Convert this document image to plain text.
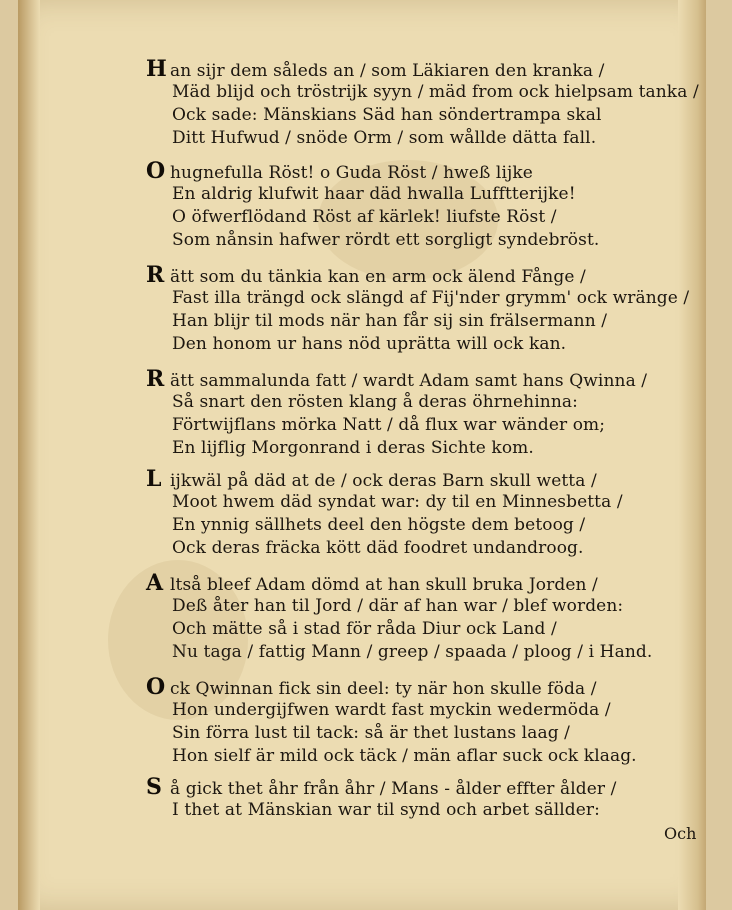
H an sijr dem såleds an / som Läkiaren den kranka /

Mäd blijd och tröstrijk syyn / mäd from ock hielpsam tanka /

Ock sade: Mänskians Säd han söndertrampa skal

Ditt Hufwud / snöde Orm / som wållde dätta fall.

O hugnefulla Röst! o Guda Röst / hweß lijke

En aldrig klufwit haar däd hwalla Lufftterijke!

O öfwerflödand Röst af kärlek! liufste Röst /

Som nånsin hafwer rördt ett sorgligt syndebröst.

R ätt som du tänkia kan en arm ock älend Fånge /

Fast illa trängd ock slängd af Fij'nder grymm' ock wränge /

Han blijr til mods när han får sij sin frälsermann /

Den honom ur hans nöd uprätta will ock kan.

R ätt sammalunda fatt / wardt Adam samt hans Qwinna /

Så snart den rösten klang å deras öhrnehinna:

Förtwijflans mörka Natt / då flux war wänder om;

En lijflig Morgonrand i deras Sichte kom.

L ijkwäl på däd at de / ock deras Barn skull wetta /

Moot hwem däd syndat war: dy til en Minnesbetta /

En ynnig sällhets deel den högste dem betoog /

Ock deras fräcka kött däd foodret undandroog.

A ltså bleef Adam dömd at han skull bruka Jorden /

Deß åter han til Jord / där af han war / blef worden:

Och mätte så i stad för råda Diur ock Land /

Nu taga / fattig Mann / greep / spaada / ploog / i Hand.

O ck Qwinnan fick sin deel: ty när hon skulle föda /

Hon undergijfwen wardt fast myckin wedermöda /

Sin förra lust til tack: så är thet lustans laag /

Hon sielf är mild ock täck / män aflar suck ock klaag.

S å gick thet åhr från åhr / Mans - ålder effter ålder /

I thet at Mänskian war til synd och arbet sällder:

Och
